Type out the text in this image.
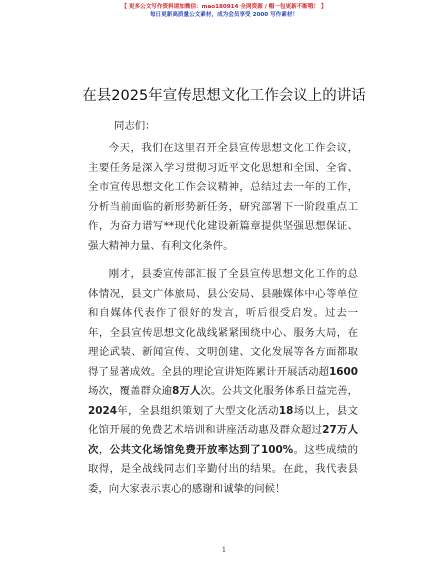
【 更多公文写作资料请加微信：mao180914 全网资源 / 帽一包更新不断哦！ 】
每日更新高质量公文素材，成为会员享受 2000 写作素材！
在县2025年宣传思想文化工作会议上的讲话
同志们：
今天，我们在这里召开全县宣传思想文化工作会议，主要任务是深入学习贯彻习近平文化思想和全国、全省、全市宣传思想文化工作会议精神，总结过去一年的工作，分析当前面临的新形势新任务，研究部署下一阶段重点工作，为奋力谱写**现代化建设新篇章提供坚强思想保证、强大精神力量、有利文化条件。
刚才，县委宣传部汇报了全县宣传思想文化工作的总体情况，县文广体旅局、县公安局、县融媒体中心等单位和自媒体代表作了很好的发言，听后很受启发。过去一年，全县宣传思想文化战线紧紧围绕中心、服务大局，在理论武装、新闻宣传、文明创建、文化发展等各方面都取得了显著成效。全县的理论宣讲矩阵累计开展活动超1600场次，覆盖群众逾8万人次。公共文化服务体系日益完善，2024年，全县组织策划了大型文化活动18场以上，县文化馆开展的免费艺术培训和讲座活动惠及群众超过27万人次，公共文化场馆免费开放率达到了100%。这些成绩的取得，是全战线同志们辛勤付出的结果。在此，我代表县委，向大家表示衷心的感谢和诚挚的问候！
1
